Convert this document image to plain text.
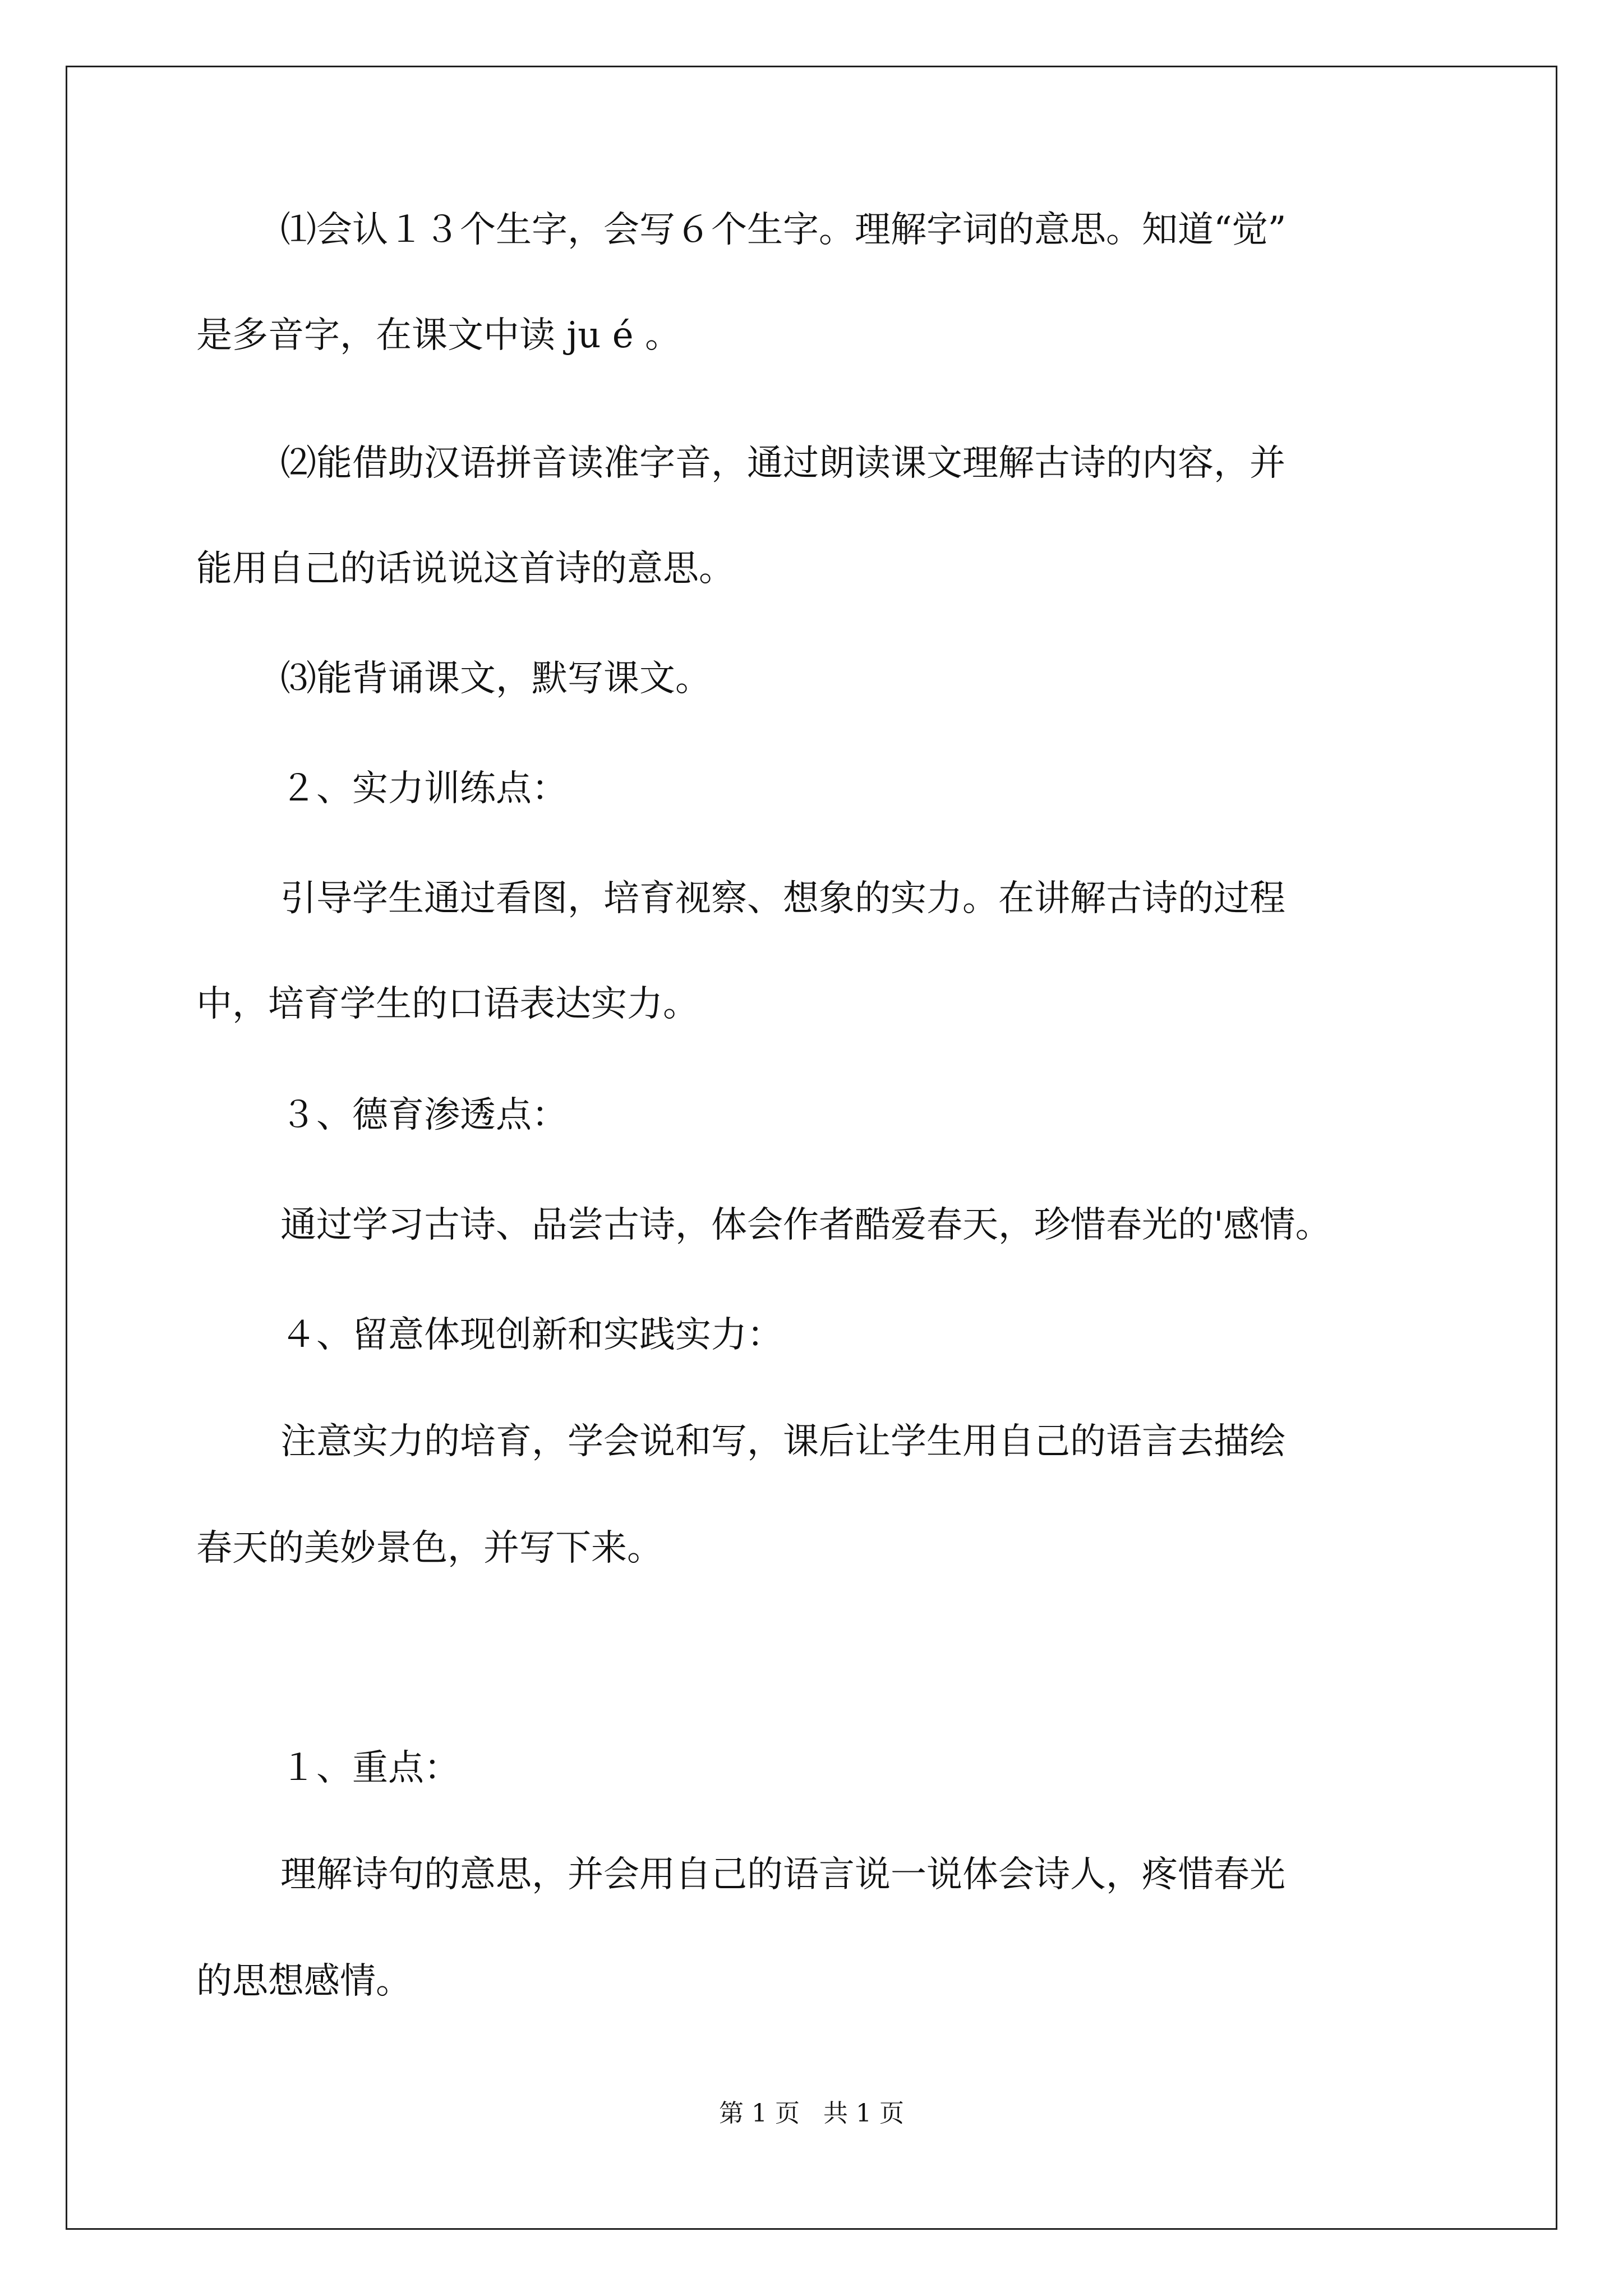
⑴会认１３个生字，会写６个生字。理解字词的意思。知道“觉”
是多音字，在课文中读 ju é 。
⑵能借助汉语拼音读准字音，通过朗读课文理解古诗的内容，并
能用自己的话说说这首诗的意思。
⑶能背诵课文，默写课文。
２、实力训练点：
引导学生通过看图，培育视察、想象的实力。在讲解古诗的过程
中，培育学生的口语表达实力。
３、德育渗透点：
通过学习古诗、品尝古诗，体会作者酷爱春天，珍惜春光的'感情。
４、留意体现创新和实践实力：
注意实力的培育，学会说和写，课后让学生用自己的语言去描绘
春天的美妙景色，并写下来。
１、重点：
理解诗句的意思，并会用自己的语言说一说体会诗人，疼惜春光
的思想感情。
第 1 页   共 1 页
